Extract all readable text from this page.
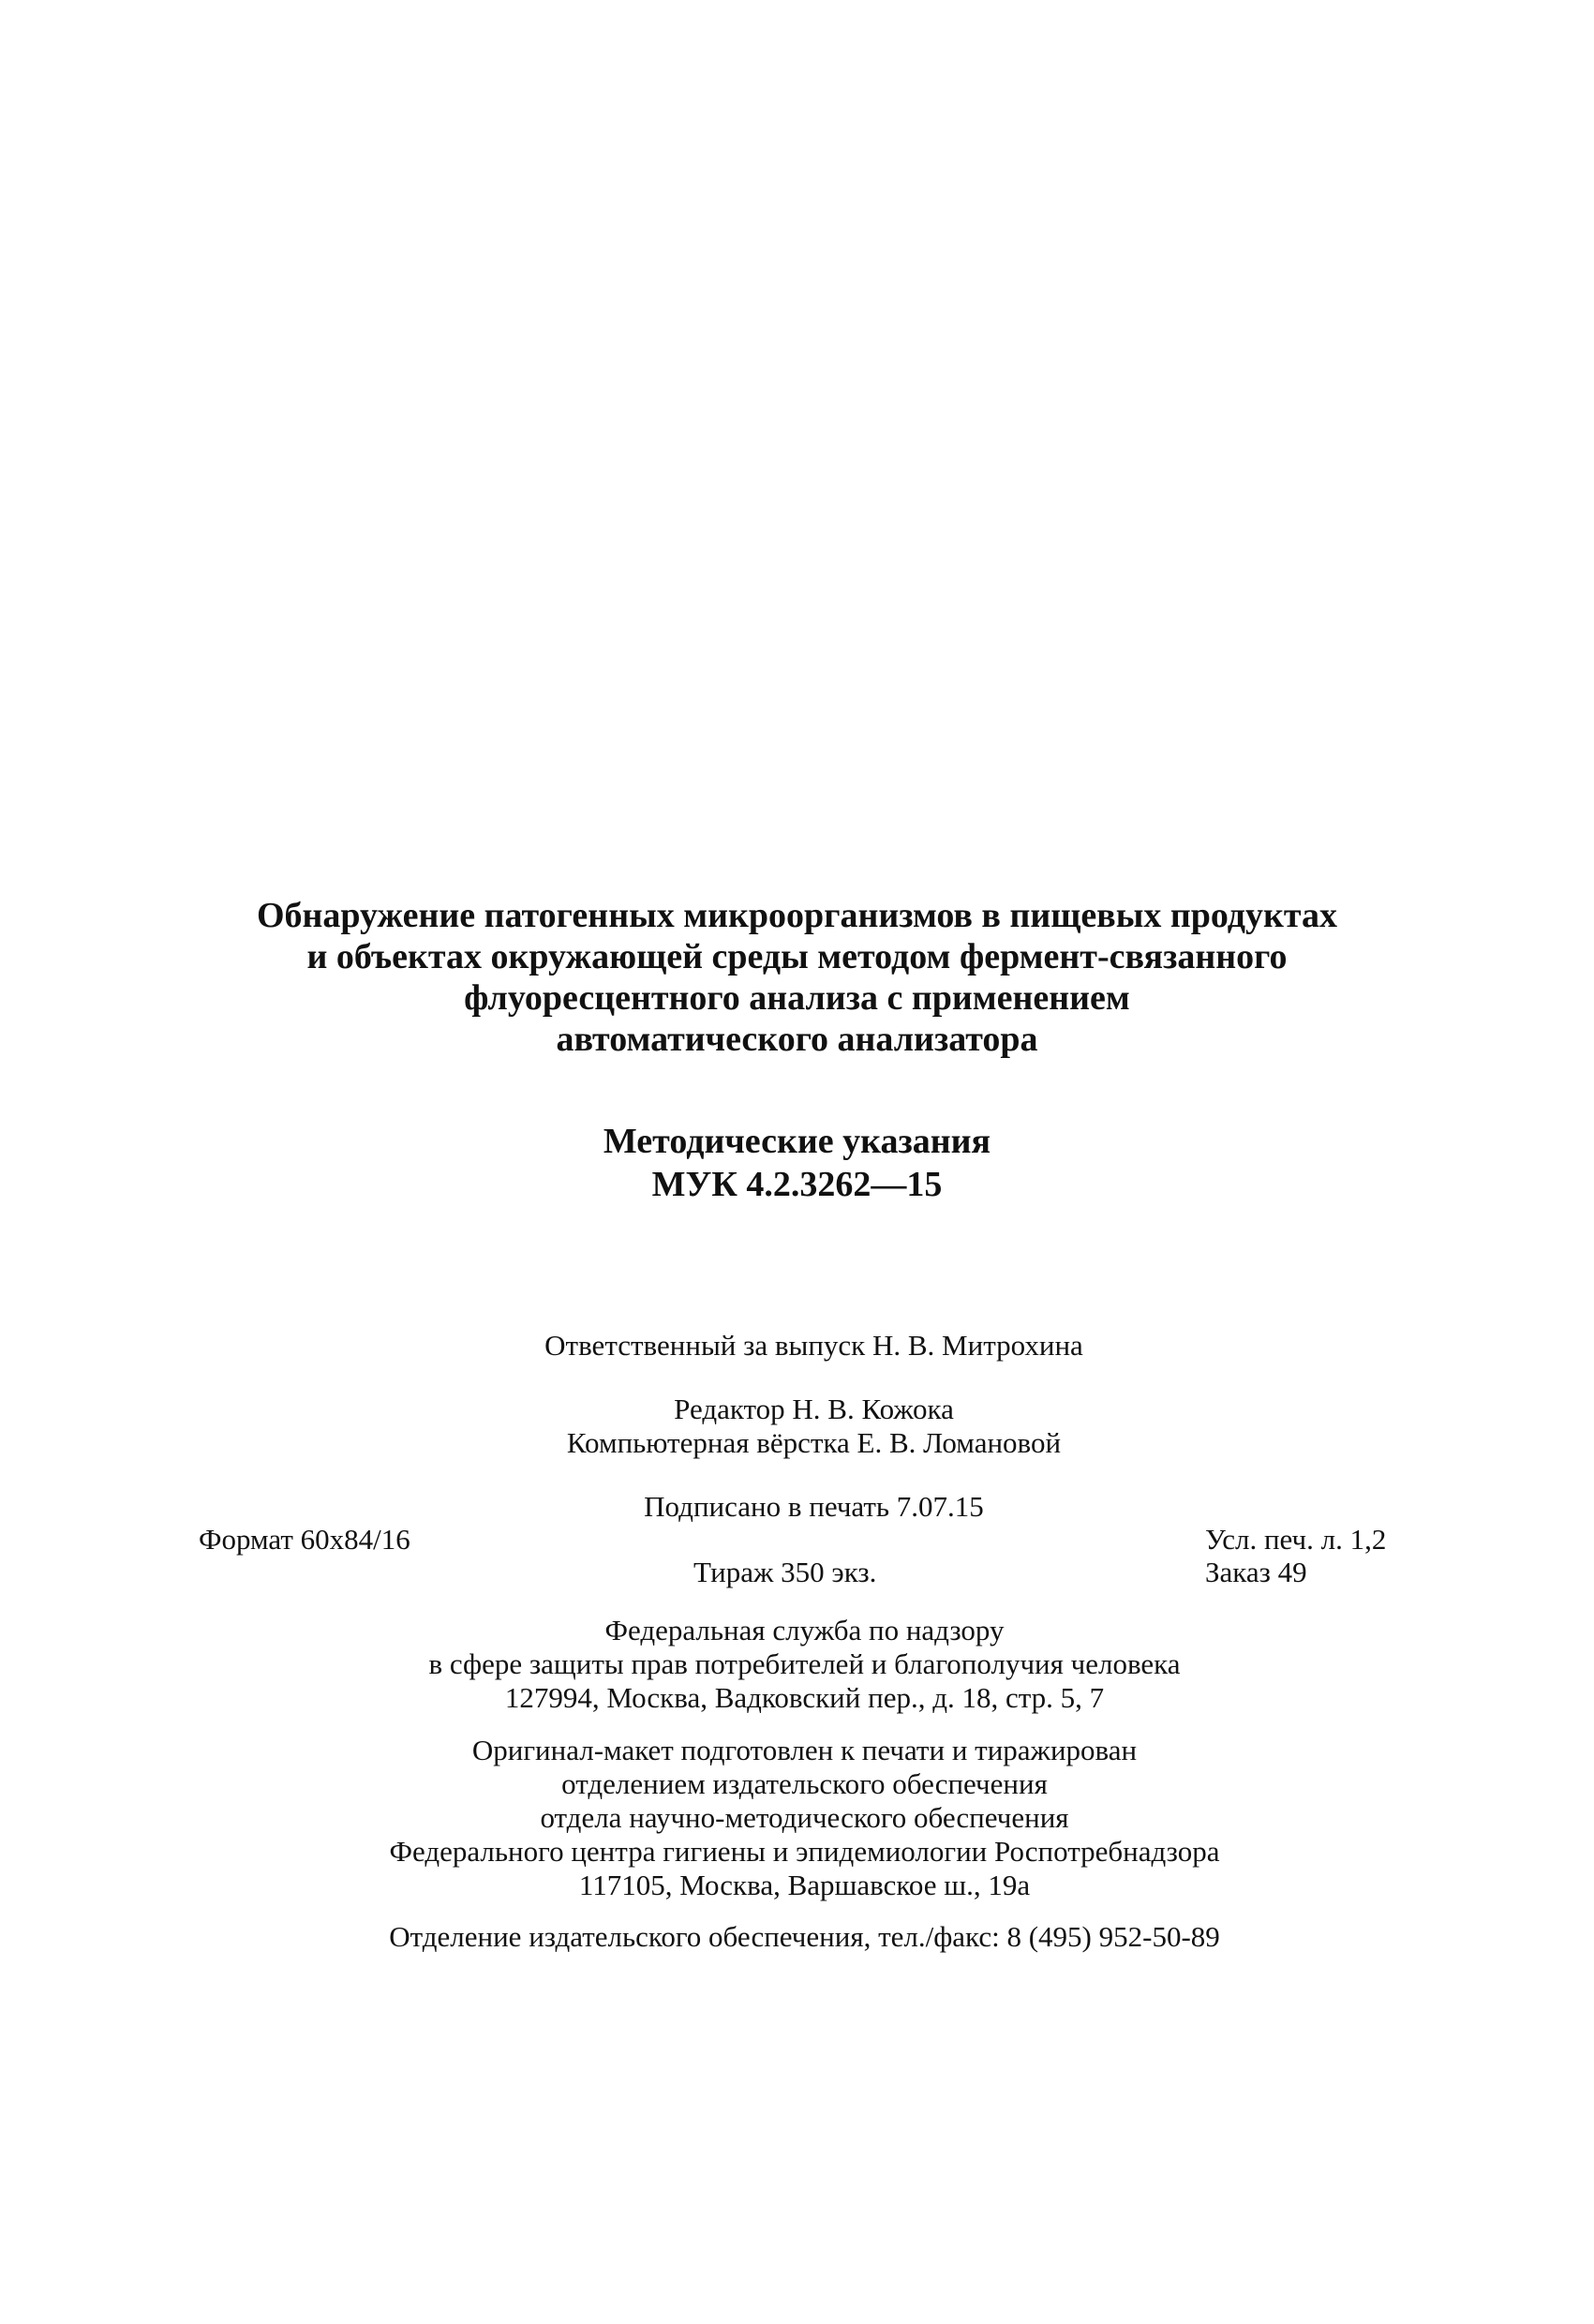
Обнаружение патогенных микроорганизмов в пищевых продуктах
и объектах окружающей среды методом фермент-связанного
флуоресцентного анализа с применением
автоматического анализатора
Методические указания
МУК 4.2.3262—15
Ответственный за выпуск Н. В. Митрохина
Редактор Н. В. Кожока
Компьютерная вёрстка Е. В. Ломановой
Подписано в печать 7.07.15
Формат 60x84/16	Усл. печ. л. 1,2
Тираж 350 экз.	Заказ 49
Федеральная служба по надзору
в сфере защиты прав потребителей и благополучия человека
127994, Москва, Вадковский пер., д. 18, стр. 5, 7
Оригинал-макет подготовлен к печати и тиражирован
отделением издательского обеспечения
отдела научно-методического обеспечения
Федерального центра гигиены и эпидемиологии Роспотребнадзора
117105, Москва, Варшавское ш., 19а
Отделение издательского обеспечения, тел./факс: 8 (495) 952-50-89
